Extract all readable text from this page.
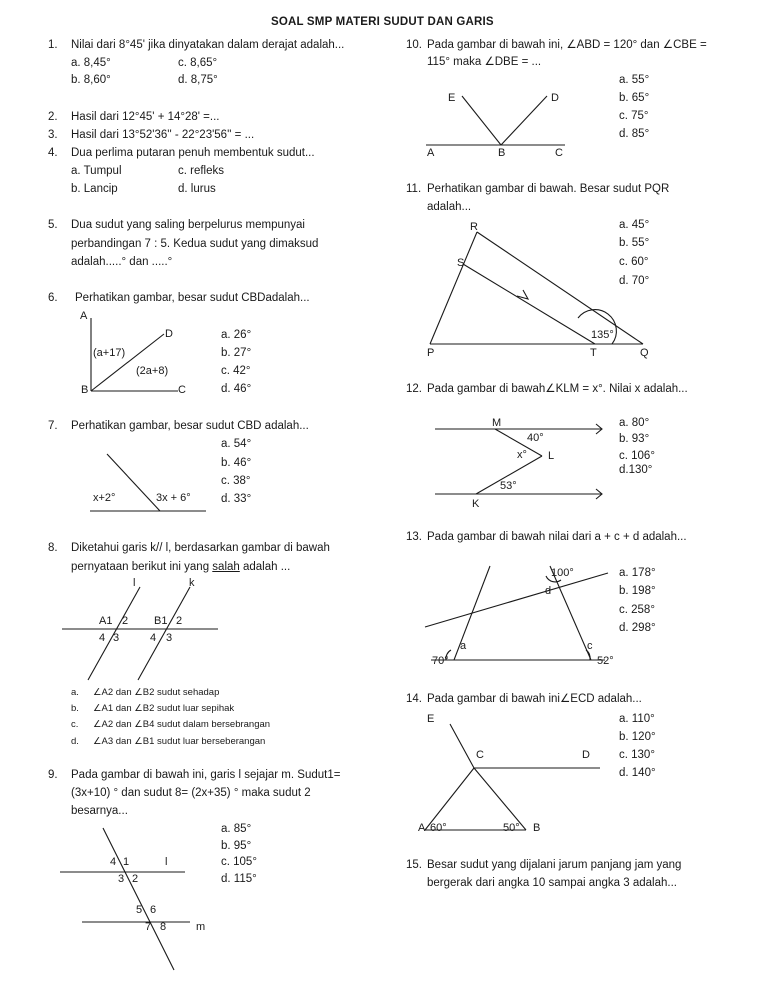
SOAL SMP MATERI SUDUT DAN GARIS
1. Nilai dari 8°45' jika dinyatakan dalam derajat adalah...
a. 8,45°	c. 8,65°
b. 8,60°	d. 8,75°
2. Hasil dari 12°45' + 14°28' =...
3. Hasil dari 13°52'36'' - 22°23'56'' = ...
4. Dua perlima putaran penuh membentuk sudut...
a. Tumpul	c. refleks
b. Lancip	d. lurus
5. Dua sudut yang saling berpelurus mempunyai
perbandingan 7 : 5. Kedua sudut yang dimaksud
adalah.....° dan .....°
6. Perhatikan gambar, besar sudut CBDadalah...
A
D
(a+17)
(2a+8)
B	C
a. 26°
b. 27°
c. 42°
d. 46°
7. Perhatikan gambar, besar sudut CBD adalah...
a. 54°
b. 46°
c. 38°
x+2°	3x + 6°	d. 33°
8. Diketahui garis k// l, berdasarkan gambar di bawah
pernyataan berikut ini yang salah adalah ...
l	k
A1 2 B1 2
4 3	4 3
a. ∠A2 dan ∠B2 sudut sehadap
b. ∠A1 dan ∠B2 sudut luar sepihak
c. ∠A2 dan ∠B4 sudut dalam bersebrangan
d. ∠A3 dan ∠B1 sudut luar berseberangan
9. Pada gambar di bawah ini, garis l sejajar m. Sudut1=
(3x+10) ° dan sudut 8= (2x+35) ° maka sudut 2
besarnya...
a. 85°
b. 95°
4 1	l	c. 105°
3 2	d. 115°
5 6
7 8	m
10. Pada gambar di bawah ini, ∠ABD = 120° dan ∠CBE =
115° maka ∠DBE = ...
a. 55°
E	D	b. 65°
c. 75°
d. 85°
A	B	C
11. Perhatikan gambar di bawah. Besar sudut PQR
adalah...
a. 45°
R
b. 55°
S	c. 60°
d. 70°
135°
P	T	Q
12. Pada gambar di bawah∠KLM = x°. Nilai x adalah...
M	a. 80°
40°	b. 93°
x° L	c. 106°
d.130°
53°
K
13. Pada gambar di bawah nilai dari a + c + d adalah...
100°	a. 178°
d	b. 198°
c. 258°
d. 298°
a	c
70°	52°
14. Pada gambar di bawah ini∠ECD adalah...
E	a. 110°
b. 120°
C	D	c. 130°
d. 140°
A 60°	50° B
15. Besar sudut yang dijalani jarum panjang jam yang
bergerak dari angka 10 sampai angka 3 adalah...
